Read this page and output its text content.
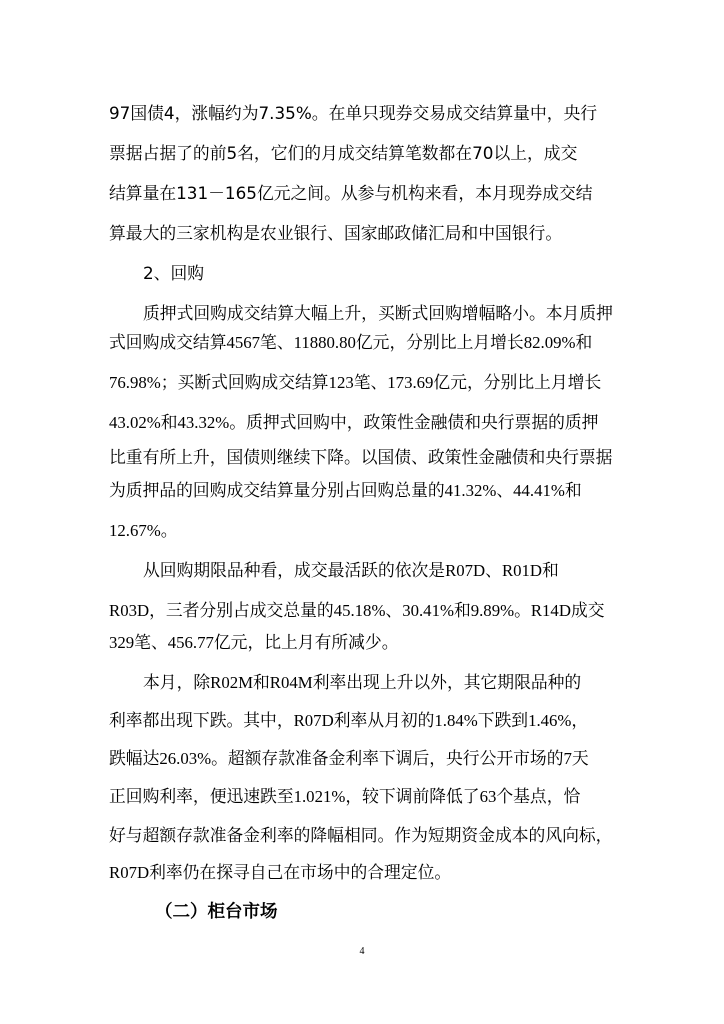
97国债4，涨幅约为7.35%。在单只现券交易成交结算量中，央行
票据占据了的前5名，它们的月成交结算笔数都在70以上，成交
结算量在131－165亿元之间。从参与机构来看，本月现券成交结
算最大的三家机构是农业银行、国家邮政储汇局和中国银行。
2、回购
质押式回购成交结算大幅上升，买断式回购增幅略小。本月质押
式回购成交结算4567笔、11880.80亿元，分别比上月增长82.09%和
76.98%；买断式回购成交结算123笔、173.69亿元，分别比上月增长
43.02%和43.32%。质押式回购中，政策性金融债和央行票据的质押
比重有所上升，国债则继续下降。以国债、政策性金融债和央行票据
为质押品的回购成交结算量分别占回购总量的41.32%、44.41%和
12.67%。
从回购期限品种看，成交最活跃的依次是R07D、R01D和
R03D，三者分别占成交总量的45.18%、30.41%和9.89%。R14D成交
329笔、456.77亿元，比上月有所减少。
本月，除R02M和R04M利率出现上升以外，其它期限品种的
利率都出现下跌。其中，R07D利率从月初的1.84%下跌到1.46%，
跌幅达26.03%。超额存款准备金利率下调后，央行公开市场的7天
正回购利率，便迅速跌至1.021%，较下调前降低了63个基点，恰
好与超额存款准备金利率的降幅相同。作为短期资金成本的风向标，
R07D利率仍在探寻自己在市场中的合理定位。
（二）柜台市场
4
